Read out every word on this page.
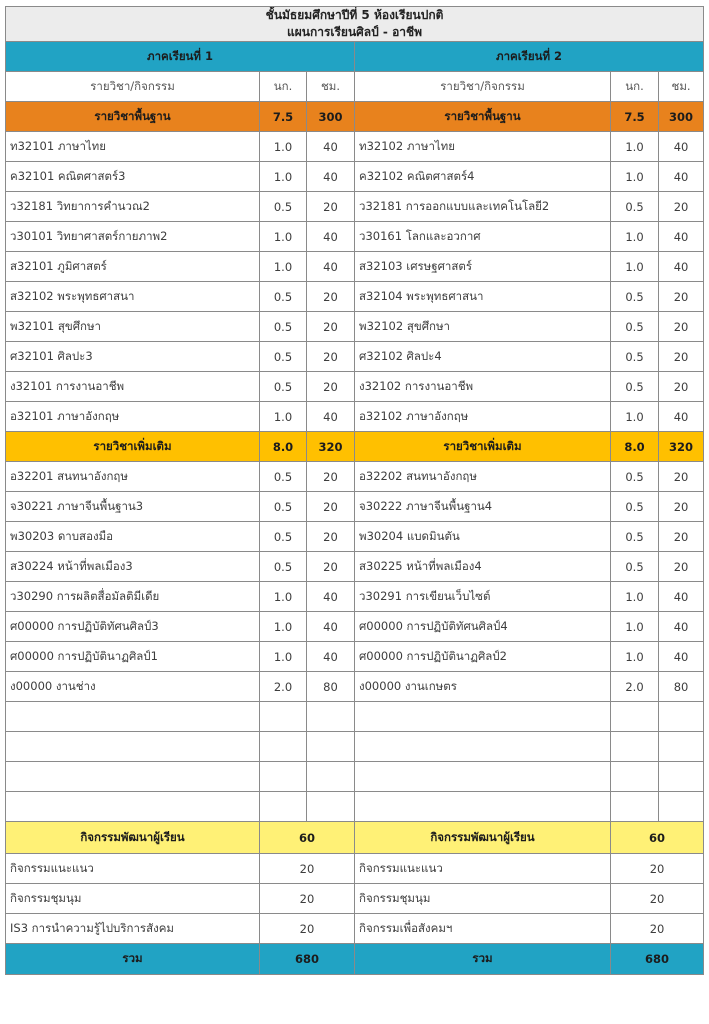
ชั้นมัธยมศึกษาปีที่ 5 ห้องเรียนปกติ
แผนการเรียนศิลป์ - อาชีพ					

ภาคเรียนที่ 1			ภาคเรียนที่ 2		
รายวิชา/กิจกรรม	นก.	ชม.	รายวิชา/กิจกรรม	นก.	ชม.
รายวิชาพื้นฐาน	7.5	300	รายวิชาพื้นฐาน	7.5	300
ท32101 ภาษาไทย	1.0	40	ท32102 ภาษาไทย	1.0	40
ค32101 คณิตศาสตร์3	1.0	40	ค32102 คณิตศาสตร์4	1.0	40
ว32181 วิทยาการคำนวณ2	0.5	20	ว32181 การออกแบบและเทคโนโลยี2	0.5	20
ว30101 วิทยาศาสตร์กายภาพ2	1.0	40	ว30161 โลกและอวกาศ	1.0	40
ส32101 ภูมิศาสตร์	1.0	40	ส32103 เศรษฐศาสตร์	1.0	40
ส32102 พระพุทธศาสนา	0.5	20	ส32104 พระพุทธศาสนา	0.5	20
พ32101 สุขศึกษา	0.5	20	พ32102 สุขศึกษา	0.5	20
ศ32101 ศิลปะ3	0.5	20	ศ32102 ศิลปะ4	0.5	20
ง32101 การงานอาชีพ	0.5	20	ง32102 การงานอาชีพ	0.5	20
อ32101 ภาษาอังกฤษ	1.0	40	อ32102 ภาษาอังกฤษ	1.0	40
รายวิชาเพิ่มเติม	8.0	320	รายวิชาเพิ่มเติม	8.0	320
อ32201 สนทนาอังกฤษ	0.5	20	อ32202 สนทนาอังกฤษ	0.5	20
จ30221 ภาษาจีนพื้นฐาน3	0.5	20	จ30222 ภาษาจีนพื้นฐาน4	0.5	20
พ30203 ดาบสองมือ	0.5	20	พ30204 แบดมินตัน	0.5	20
ส30224 หน้าที่พลเมือง3	0.5	20	ส30225 หน้าที่พลเมือง4	0.5	20
ว30290 การผลิตสื่อมัลติมีเดีย	1.0	40	ว30291 การเขียนเว็บไซต์	1.0	40
ศ00000 การปฏิบัติทัศนศิลป์3	1.0	40	ศ00000 การปฏิบัติทัศนศิลป์4	1.0	40
ศ00000 การปฏิบัตินาฏศิลป์1	1.0	40	ศ00000 การปฏิบัตินาฏศิลป์2	1.0	40
ง00000 งานช่าง	2.0	80	ง00000 งานเกษตร	2.0	80

กิจกรรมพัฒนาผู้เรียน	60		กิจกรรมพัฒนาผู้เรียน	60	
กิจกรรมแนะแนว	20		กิจกรรมแนะแนว	20	
กิจกรรมชุมนุม	20		กิจกรรมชุมนุม	20	
IS3 การนำความรู้ไปบริการสังคม	20		กิจกรรมเพื่อสังคมฯ	20	
รวม	680		รวม	680	
